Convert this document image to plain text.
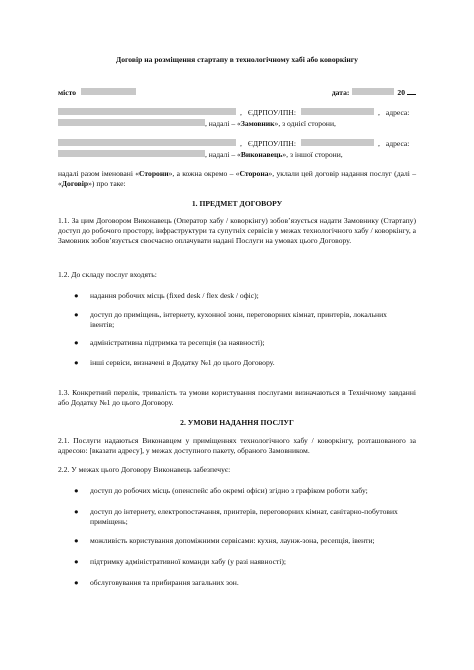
Договір на розміщення стартапу в технологічному хабі або коворкінгу
місто	дата :	20
, ЄДРПОУ/ІПН:	, адреса:
, надалі – « Замовник », з однієї сторони,
, ЄДРПОУ/ІПН:	, адреса:
, надалі – « Виконавець », з іншої сторони,
надалі разом іменовані «Сторони», а кожна окремо – «Сторона», уклали цей договір надання послуг (далі – «Договір») про таке:
1. ПРЕДМЕТ ДОГОВОРУ
1.1. За цим Договором Виконавець (Оператор хабу / коворкінгу) зобов’язується надати Замовнику (Стартапу) доступ до робочого простору, інфраструктури та супутніх сервісів у межах технологічного хабу / коворкінгу, а Замовник зобов’язується своєчасно оплачувати надані Послуги на умовах цього Договору.
1.2. До складу послуг входять:
●	надання робочих місць (fixed desk / flex desk / офіс);
●	доступ до приміщень, інтернету, кухонної зони, переговорних кімнат, принтерів, локальних івентів;
●	адміністративна підтримка та ресепція (за наявності);
●	інші сервіси, визначені в Додатку №1 до цього Договору.
1.3. Конкретний перелік, тривалість та умови користування послугами визначаються в Технічному завданні або Додатку №1 до цього Договору.
2. УМОВИ НАДАННЯ ПОСЛУГ
2.1. Послуги надаються Виконавцем у приміщеннях технологічного хабу / коворкінгу, розташованого за адресою: [вказати адресу], у межах доступного пакету, обраного Замовником.
2.2. У межах цього Договору Виконавець забезпечує:
●	доступ до робочих місць (опенспейс або окремі офіси) згідно з графіком роботи хабу;
●	доступ до інтернету, електропостачання, принтерів, переговорних кімнат, санітарно-побутових приміщень;
●	можливість користування допоміжними сервісами: кухня, лаунж-зона, ресепція, івенти;
●	підтримку адміністративної команди хабу (у разі наявності);
●	обслуговування та прибирання загальних зон.
